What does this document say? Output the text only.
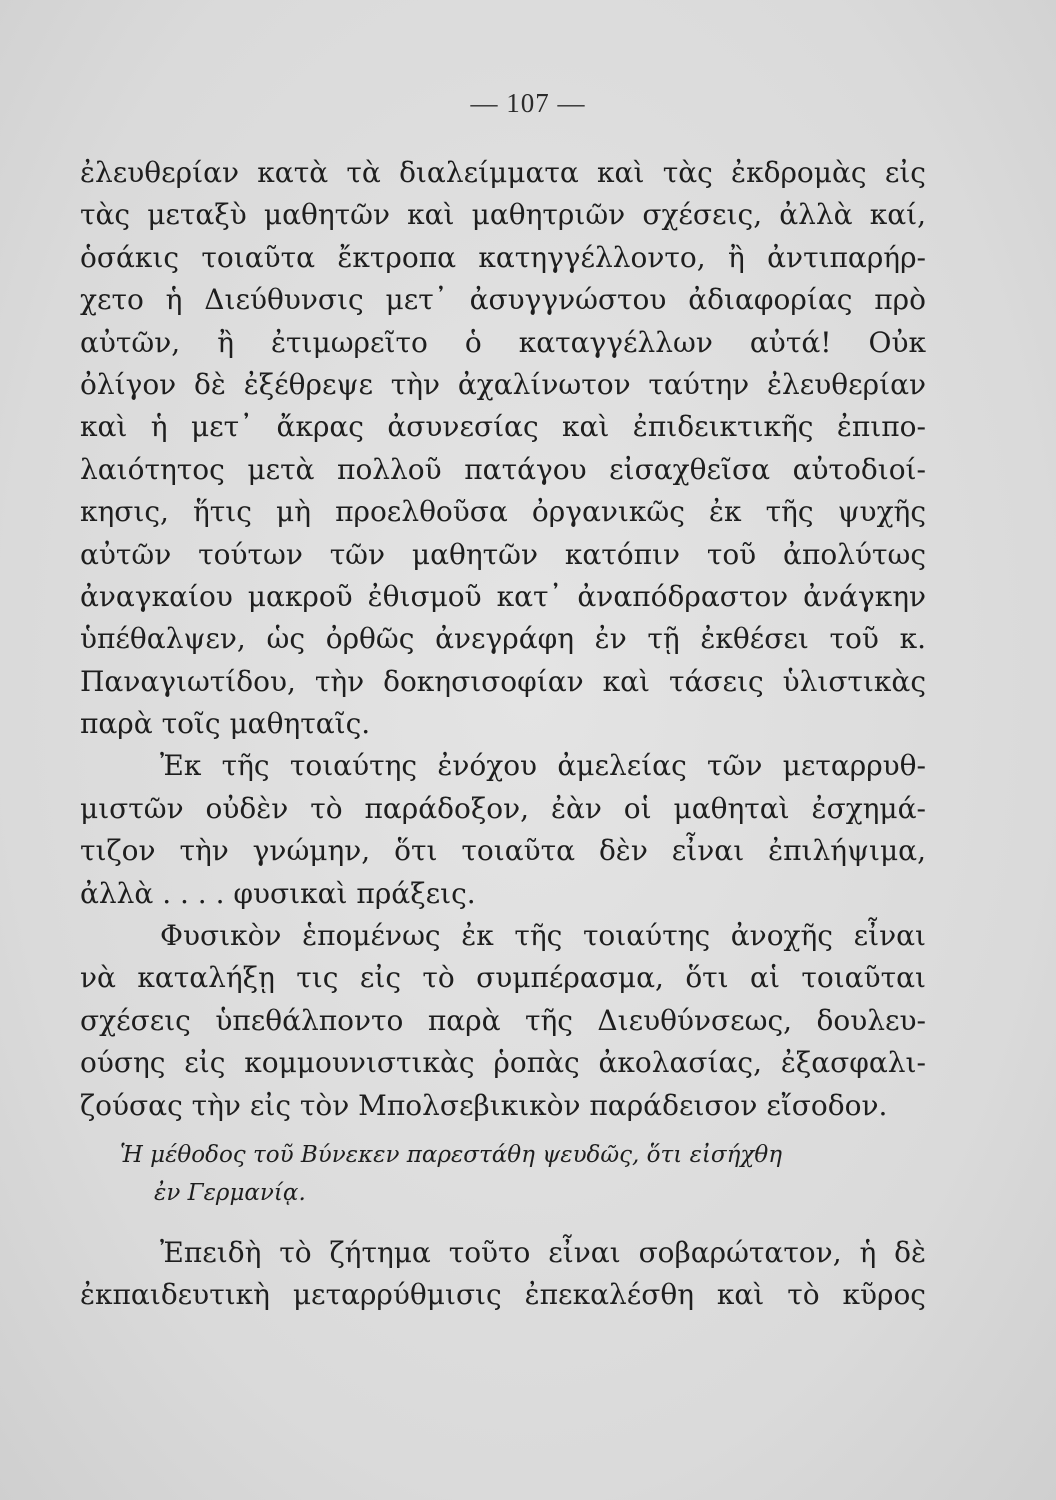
— 107 —
ἐλευθερίαν κατὰ τὰ διαλείμματα καὶ τὰς ἐκδρομὰς εἰς
τὰς μεταξὺ μαθητῶν καὶ μαθητριῶν σχέσεις, ἀλλὰ καί,
ὁσάκις τοιαῦτα ἔκτροπα κατηγγέλλοντο, ἢ ἀντιπαρήρ-
χετο ἡ Διεύθυνσις μετ᾽ ἀσυγγνώστου ἀδιαφορίας πρὸ
αὐτῶν, ἢ ἐτιμωρεῖτο ὁ καταγγέλλων αὐτά! Οὐκ
ὀλίγον δὲ ἐξέθρεψε τὴν ἀχαλίνωτον ταύτην ἐλευθερίαν
καὶ ἡ μετ᾽ ἄκρας ἀσυνεσίας καὶ ἐπιδεικτικῆς ἐπιπο-
λαιότητος μετὰ πολλοῦ πατάγου εἰσαχθεῖσα αὐτοδιοί-
κησις, ἥτις μὴ προελθοῦσα ὀργανικῶς ἐκ τῆς ψυχῆς
αὐτῶν τούτων τῶν μαθητῶν κατόπιν τοῦ ἀπολύτως
ἀναγκαίου μακροῦ ἐθισμοῦ κατ᾽ ἀναπόδραστον ἀνάγκην
ὑπέθαλψεν, ὡς ὀρθῶς ἀνεγράφη ἐν τῇ ἐκθέσει τοῦ κ.
Παναγιωτίδου, τὴν δοκησισοφίαν καὶ τάσεις ὑλιστικὰς
παρὰ τοῖς μαθηταῖς.
Ἐκ τῆς τοιαύτης ἐνόχου ἀμελείας τῶν μεταρρυθ-
μιστῶν οὐδὲν τὸ παράδοξον, ἐὰν οἱ μαθηταὶ ἐσχημά-
τιζον τὴν γνώμην, ὅτι τοιαῦτα δὲν εἶναι ἐπιλήψιμα,
ἀλλὰ . . . . φυσικαὶ πράξεις.
Φυσικὸν ἑπομένως ἐκ τῆς τοιαύτης ἀνοχῆς εἶναι
νὰ καταλήξῃ τις εἰς τὸ συμπέρασμα, ὅτι αἱ τοιαῦται
σχέσεις ὑπεθάλποντο παρὰ τῆς Διευθύνσεως, δουλευ-
ούσης εἰς κομμουνιστικὰς ῥοπὰς ἀκολασίας, ἐξασφαλι-
ζούσας τὴν εἰς τὸν Μπολσεβικικὸν παράδεισον εἴσοδον.
Ἡ μέθοδος τοῦ Βύνεκεν παρεστάθη ψευδῶς, ὅτι εἰσήχθη
ἐν Γερμανίᾳ.
Ἐπειδὴ τὸ ζήτημα τοῦτο εἶναι σοβαρώτατον, ἡ δὲ
ἐκπαιδευτικὴ μεταρρύθμισις ἐπεκαλέσθη καὶ τὸ κῦρος
